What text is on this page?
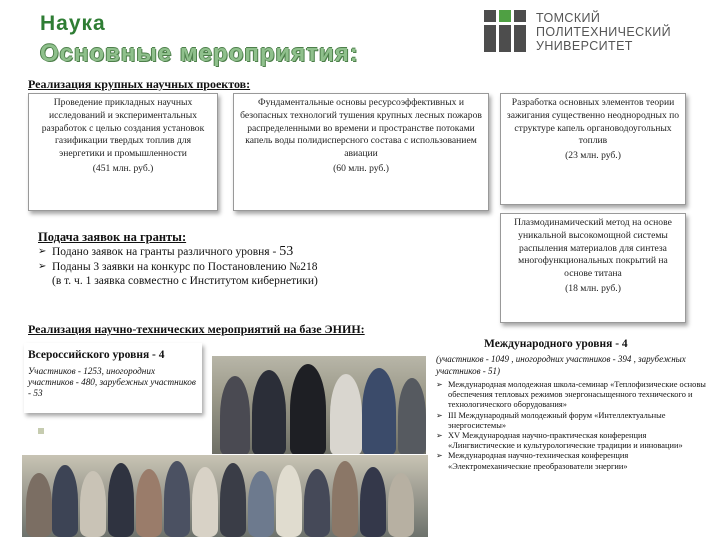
Наука
Основные мероприятия:
ТОМСКИЙ
ПОЛИТЕХНИЧЕСКИЙ
УНИВЕРСИТЕТ
Реализация крупных научных проектов:
Проведение прикладных научных исследований и экспериментальных разработок с целью создания установок газификации твердых топлив для энергетики и промышленности
(451 млн. руб.)
Фундаментальные основы ресурсоэффективных и безопасных технологий тушения крупных лесных пожаров распределенными во времени и пространстве потоками капель воды полидисперсного состава с использованием авиации
(60 млн. руб.)
Разработка основных элементов теории зажигания существенно неоднородных по структуре капель органоводоугольных топлив
(23 млн. руб.)
Плазмодинамический метод на основе уникальной высокомощной системы распыления материалов для синтеза многофункциональных покрытий на основе титана
(18 млн. руб.)
Подача заявок на гранты:
➢ Подано заявок на гранты различного уровня -
53
➢ Поданы 3 заявки на конкурс по Постановлению №218
(в т. ч. 1 заявка совместно с Институтом кибернетики)
Реализация научно-технических мероприятий на базе ЭНИН:
Всероссийского уровня - 4
Участников - 1253, иногородних участников - 480, зарубежных участников - 53
Международного уровня - 4
(участников - 1049 , иногородних участников - 394 , зарубежных участников - 51)
➢ Международная молодежная школа-семинар «Теплофизические основы обеспечения тепловых режимов энергонасыщенного технического и технологического оборудования»
➢ III Международный молодежный форум «Интеллектуальные энергосистемы»
➢ XV Международная научно-практическая конференция «Лингвистические и культурологические традиции и инновации»
➢ Международная научно-техническая конференция «Электромеханические преобразователи энергии»
